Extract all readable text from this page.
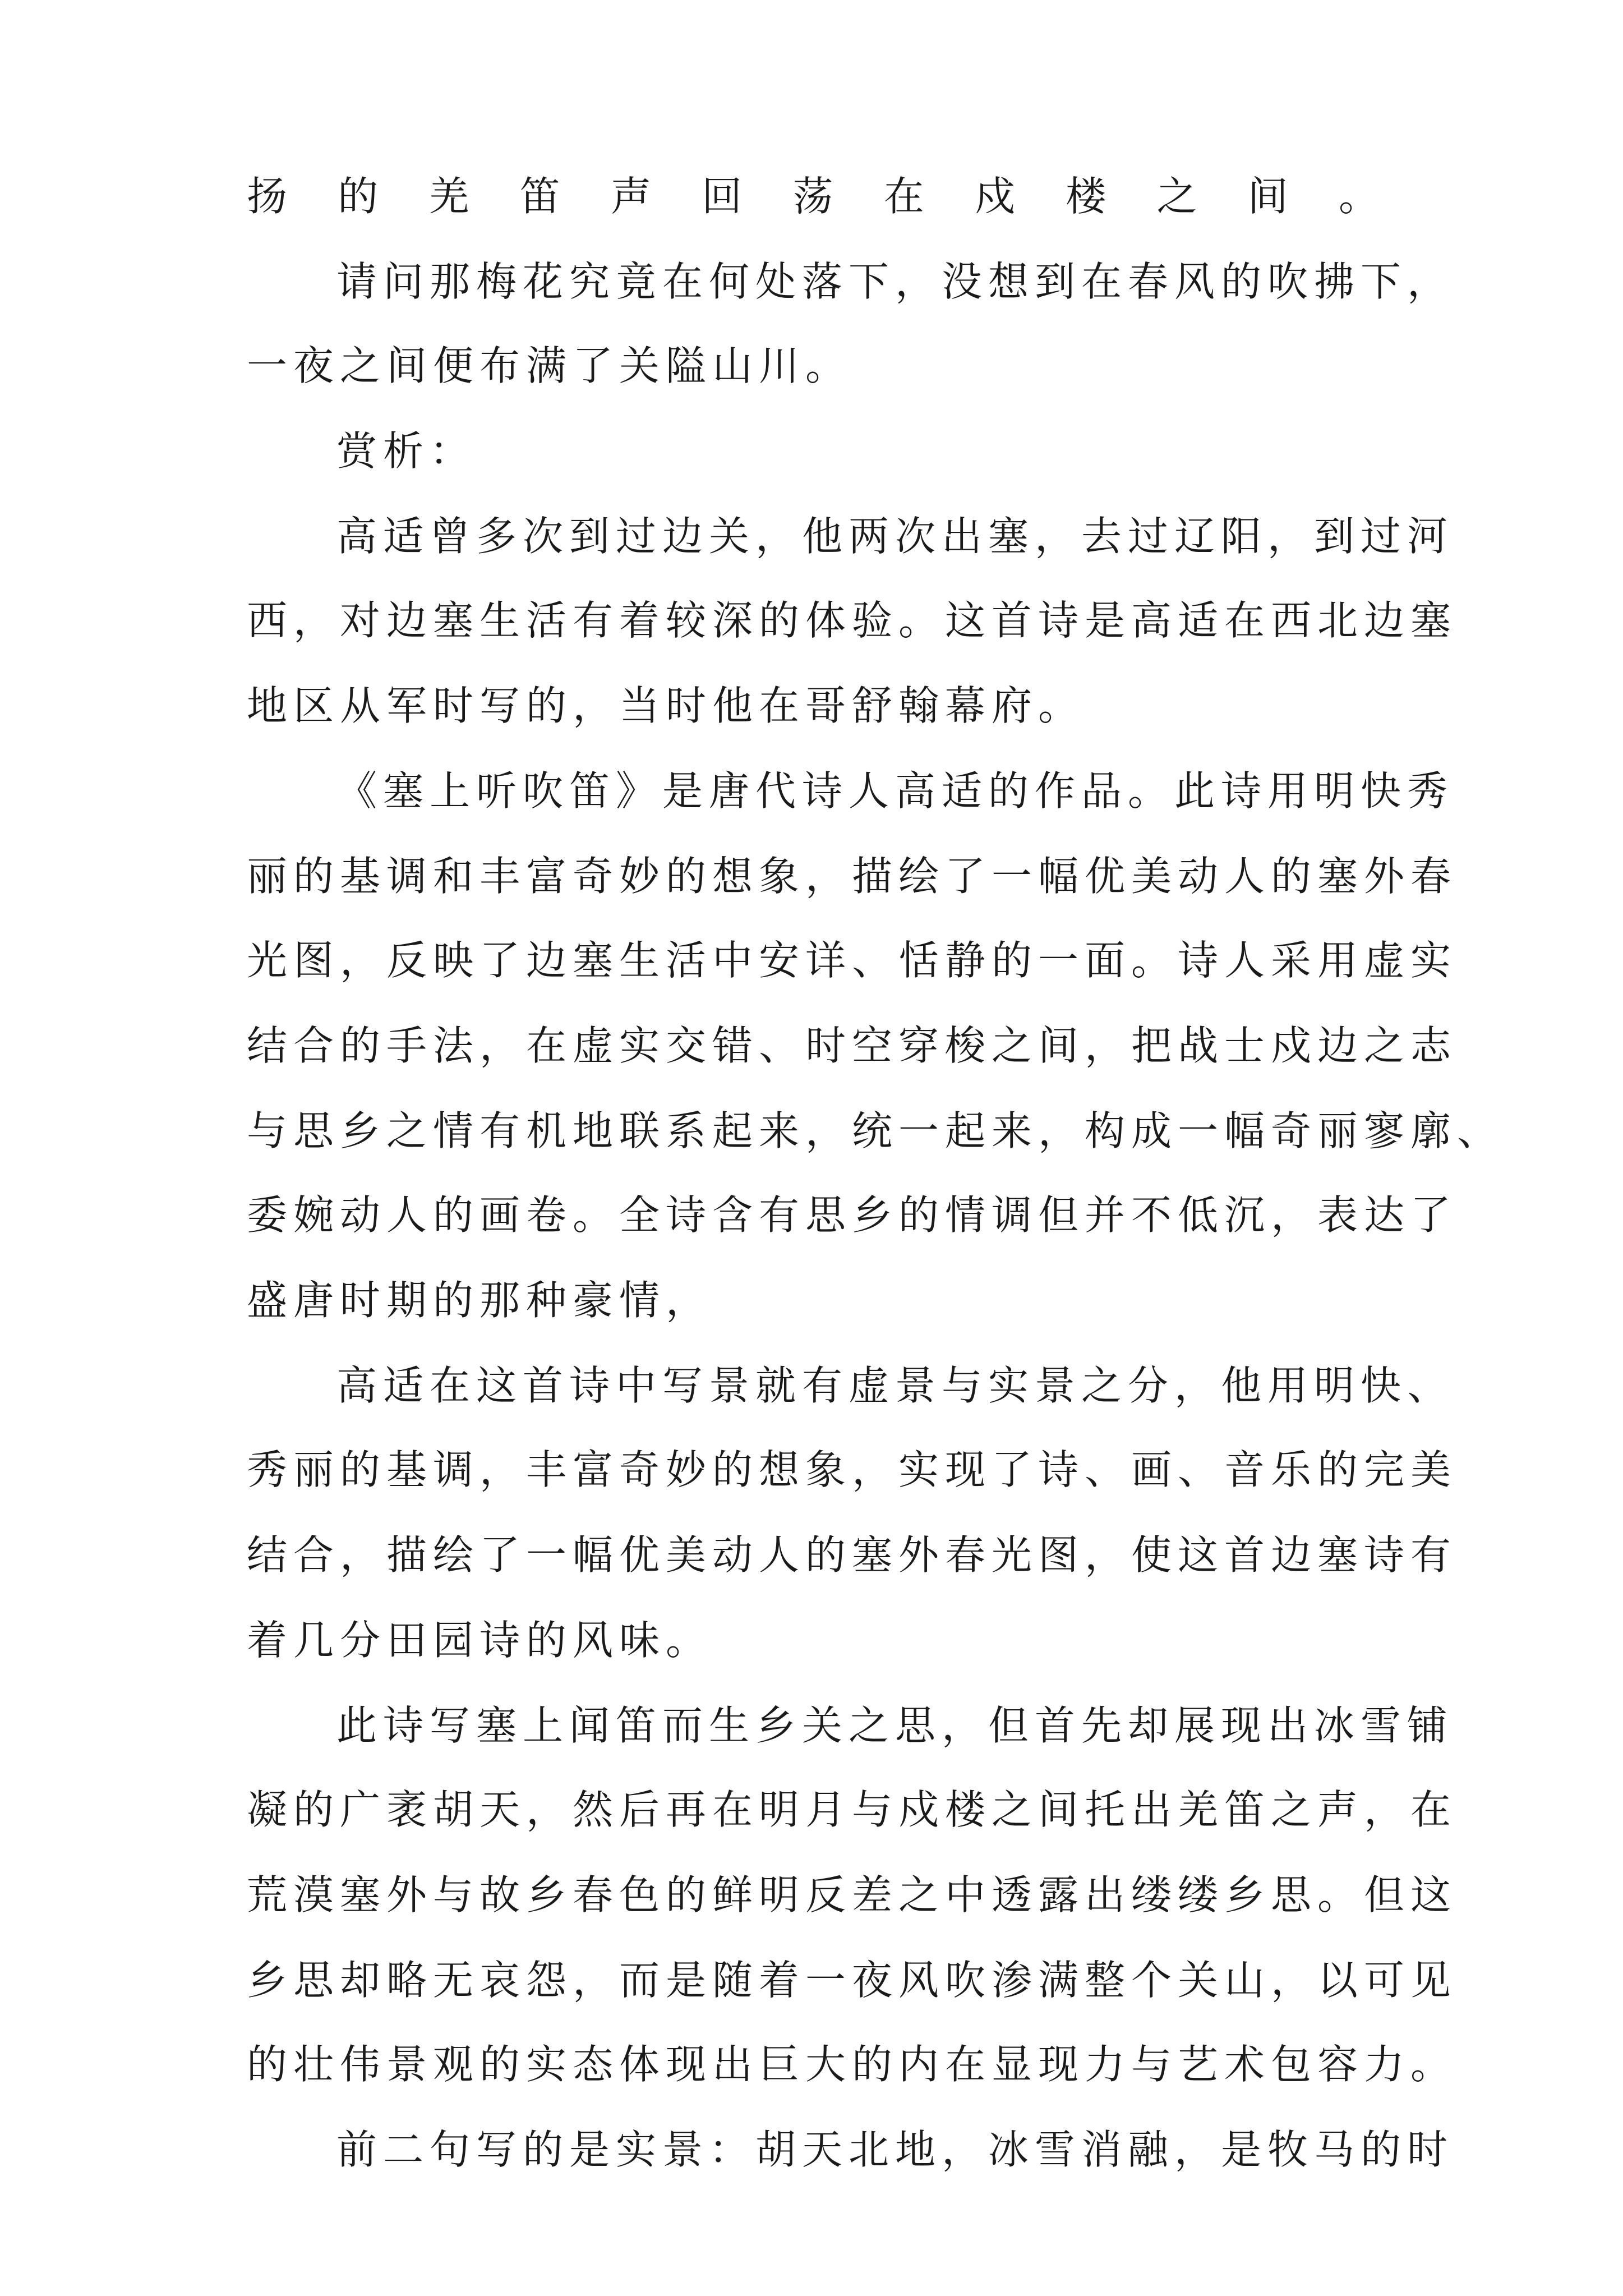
扬的羌笛声回荡在戍楼之间。
请问那梅花究竟在何处落下，没想到在春风的吹拂下，
一夜之间便布满了关隘山川。
赏析：
高适曾多次到过边关，他两次出塞，去过辽阳，到过河
西，对边塞生活有着较深的体验。这首诗是高适在西北边塞
地区从军时写的，当时他在哥舒翰幕府。
《塞上听吹笛》是唐代诗人高适的作品。此诗用明快秀
丽的基调和丰富奇妙的想象，描绘了一幅优美动人的塞外春
光图，反映了边塞生活中安详、恬静的一面。诗人采用虚实
结合的手法，在虚实交错、时空穿梭之间，把战士戍边之志
与思乡之情有机地联系起来，统一起来，构成一幅奇丽寥廓、
委婉动人的画卷。全诗含有思乡的情调但并不低沉，表达了
盛唐时期的那种豪情，
高适在这首诗中写景就有虚景与实景之分，他用明快、
秀丽的基调，丰富奇妙的想象，实现了诗、画、音乐的完美
结合，描绘了一幅优美动人的塞外春光图，使这首边塞诗有
着几分田园诗的风味。
此诗写塞上闻笛而生乡关之思，但首先却展现出冰雪铺
凝的广袤胡天，然后再在明月与戍楼之间托出羌笛之声，在
荒漠塞外与故乡春色的鲜明反差之中透露出缕缕乡思。但这
乡思却略无哀怨，而是随着一夜风吹渗满整个关山，以可见
的壮伟景观的实态体现出巨大的内在显现力与艺术包容力。
前二句写的是实景：胡天北地，冰雪消融，是牧马的时
